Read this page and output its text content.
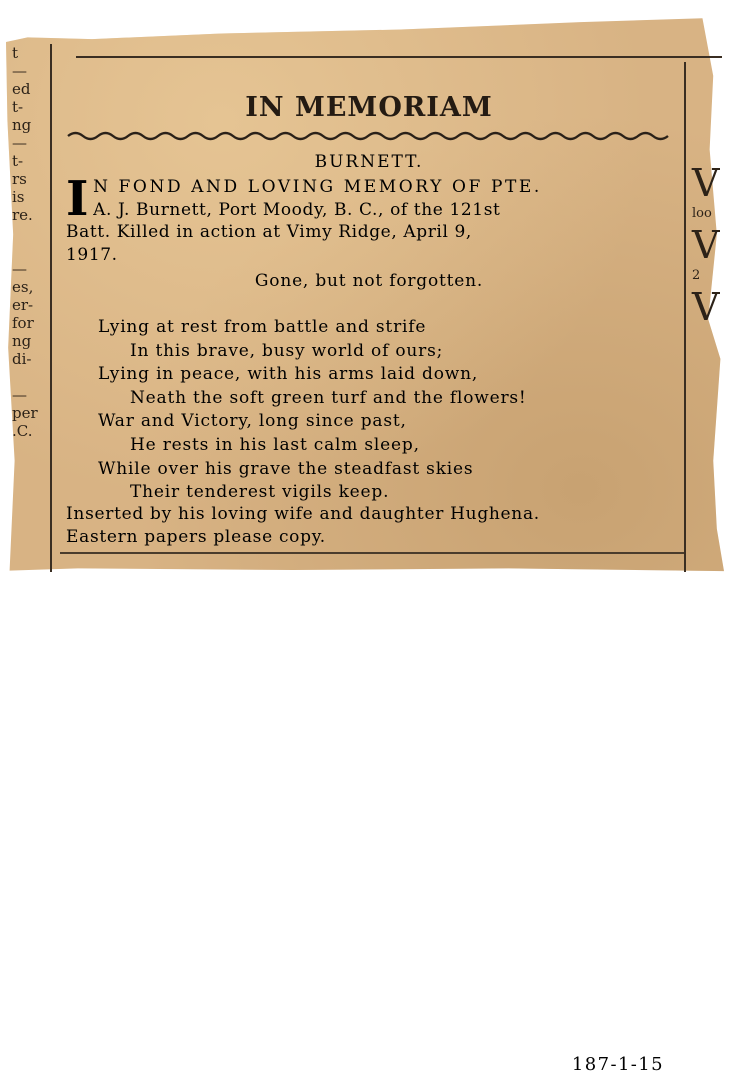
t
—
ed
t-
ng
—
t-
rs
is
re.
—
es,
er-
for
ng
di-
—
per
.C.
V
loo
V
2
V
IN MEMORIAM
BURNETT.
I N FOND AND LOVING MEMORY OF PTE.
A. J. Burnett, Port Moody, B. C., of the 121st
Batt. Killed in action at Vimy Ridge, April 9,
1917.
Gone, but not forgotten.
Lying at rest from battle and strife
In this brave, busy world of ours;
Lying in peace, with his arms laid down,
Neath the soft green turf and the flowers!
War and Victory, long since past,
He rests in his last calm sleep,
While over his grave the steadfast skies
Their tenderest vigils keep.
Inserted by his loving wife and daughter Hughena.
Eastern papers please copy.
187-1-15
